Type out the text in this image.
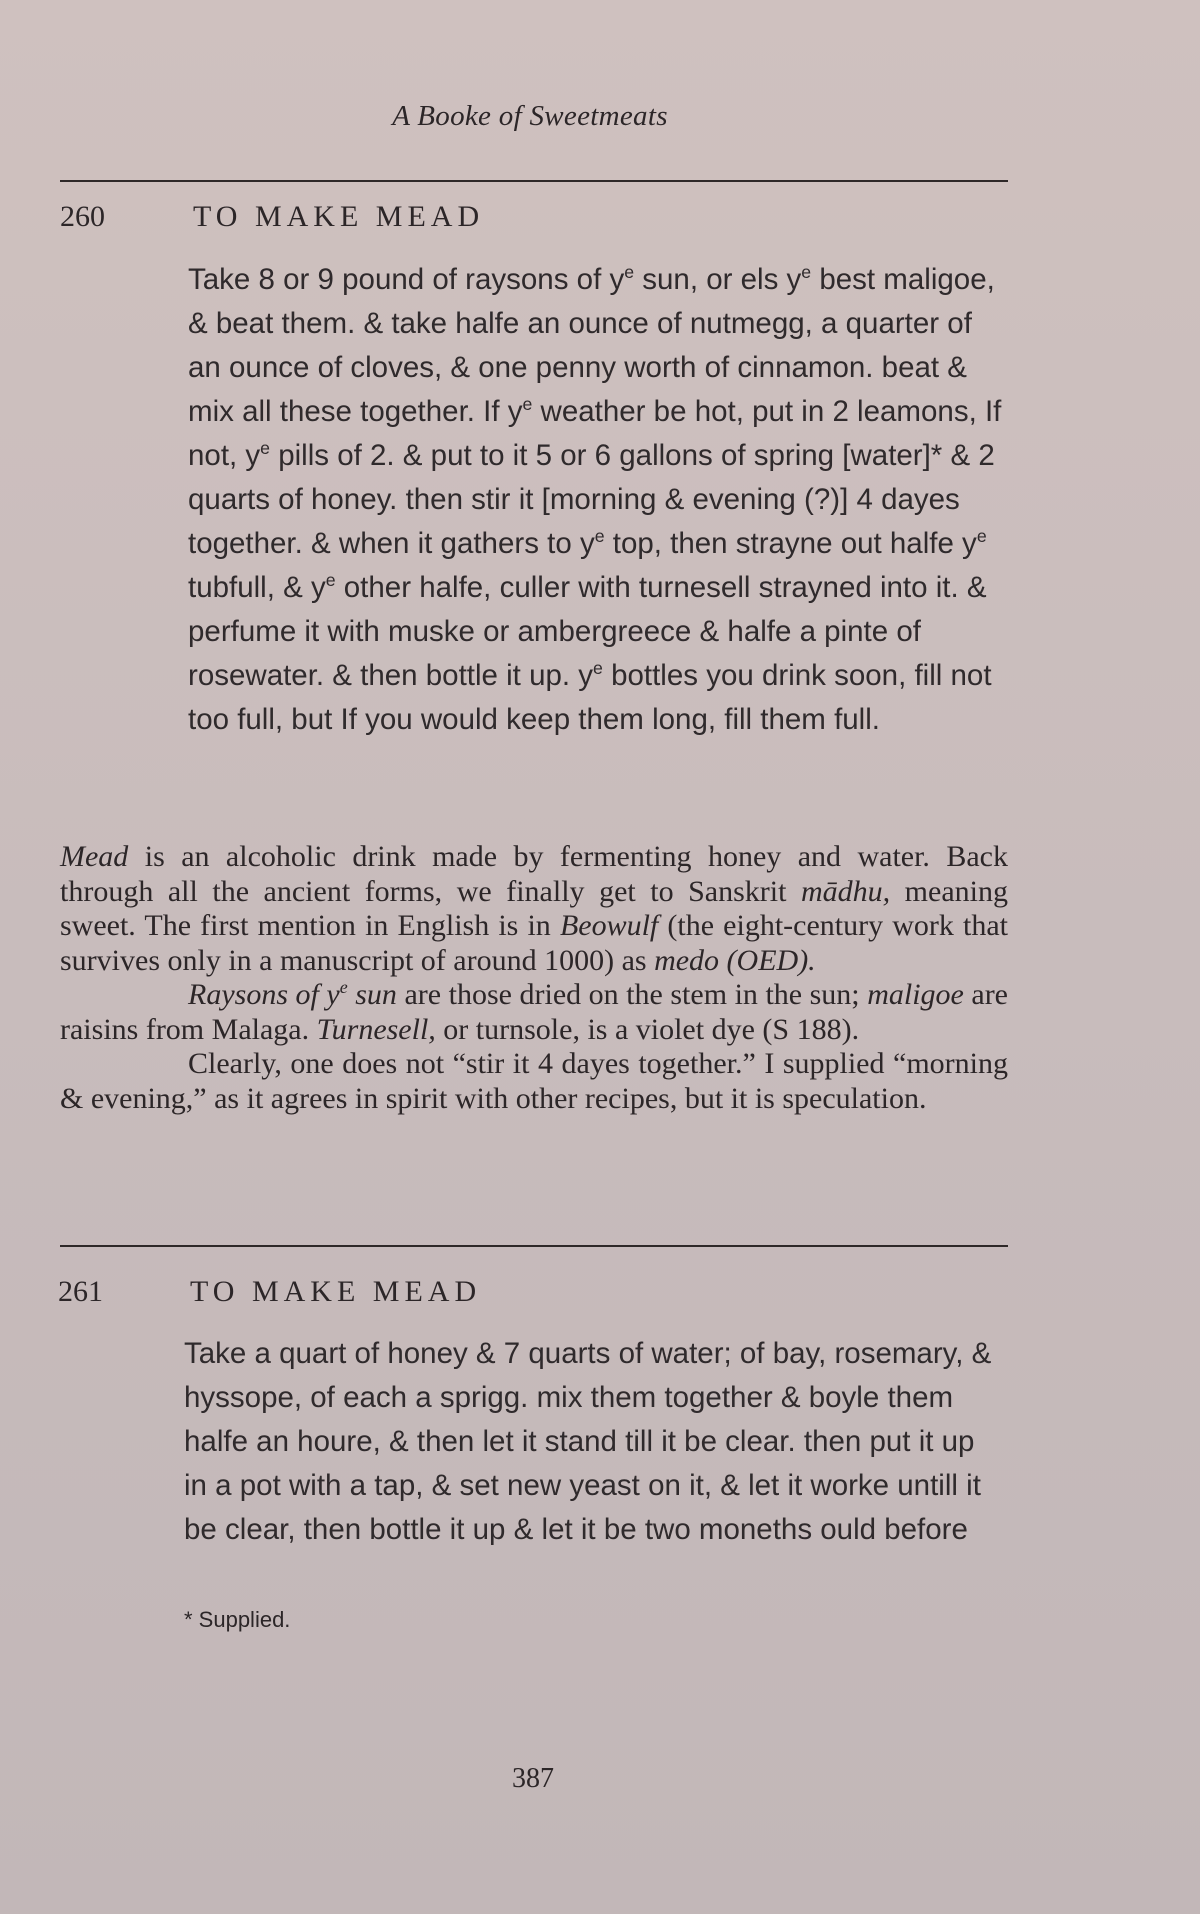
A Booke of Sweetmeats
260	TO MAKE MEAD

Take 8 or 9 pound of raysons of $y^e$ sun, or els $y^e$ best maligoe, & beat them. & take halfe an ounce of nutmegg, a quarter of an ounce of cloves, & one penny worth of cinnamon. beat & mix all these together. If $y^e$ weather be hot, put in 2 leamons, If not, $y^e$ pills of 2. & put to it 5 or 6 gallons of spring [water]* & 2 quarts of honey. then stir it [morning & evening (?)] 4 dayes together. & when it gathers to $y^e$ top, then strayne out halfe $y^e$ tubfull, & $y^e$ other halfe, culler with turnesell strayned into it. & perfume it with muske or ambergreece & halfe a pinte of rosewater. & then bottle it up. $y^e$ bottles you drink soon, fill not too full, but If you would keep them long, fill them full.

Mead is an alcoholic drink made by fermenting honey and water. Back through all the ancient forms, we finally get to Sanskrit mādhu, meaning sweet. The first mention in English is in Beowulf (the eight-century work that survives only in a manuscript of around 1000) as medo (OED).

Raysons of $y^e$ sun are those dried on the stem in the sun; maligoe are raisins from Malaga. Turnesell, or turnsole, is a violet dye (S 188).

Clearly, one does not “stir it 4 dayes together.” I supplied “morning & evening,” as it agrees in spirit with other recipes, but it is speculation.

261	TO MAKE MEAD

Take a quart of honey & 7 quarts of water; of bay, rosemary, & hyssope, of each a sprigg. mix them together & boyle them halfe an houre, & then let it stand till it be clear. then put it up in a pot with a tap, & set new yeast on it, & let it worke untill it be clear, then bottle it up & let it be two moneths ould before

* Supplied.
387
